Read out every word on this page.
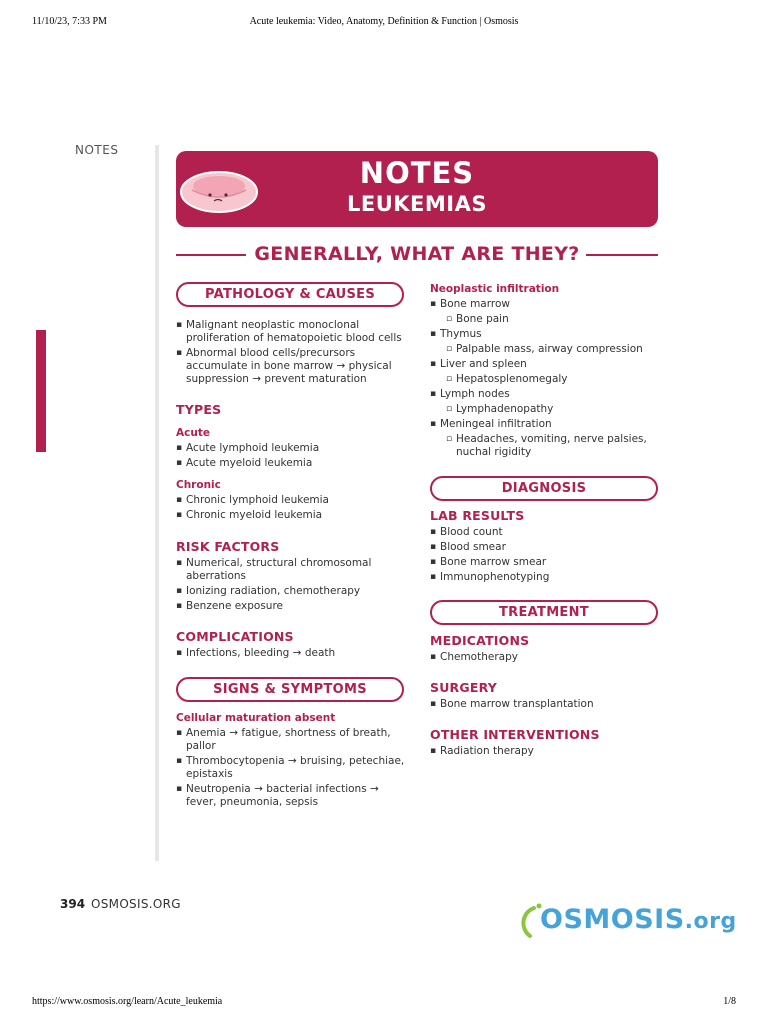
11/10/23, 7:33 PM	Acute leukemia: Video, Anatomy, Definition & Function | Osmosis
https://www.osmosis.org/learn/Acute_leukemia	1/8
NOTES
NOTES
LEUKEMIAS
GENERALLY, WHAT ARE THEY?
PATHOLOGY & CAUSES
▪ Malignant neoplastic monoclonal proliferation of hematopoietic blood cells
▪ Abnormal blood cells/precursors accumulate in bone marrow → physical suppression → prevent maturation
TYPES
Acute
▪ Acute lymphoid leukemia
▪ Acute myeloid leukemia
Chronic
▪ Chronic lymphoid leukemia
▪ Chronic myeloid leukemia
RISK FACTORS
▪ Numerical, structural chromosomal aberrations
▪ Ionizing radiation, chemotherapy
▪ Benzene exposure
COMPLICATIONS
▪ Infections, bleeding → death
SIGNS & SYMPTOMS
Cellular maturation absent
▪ Anemia → fatigue, shortness of breath, pallor
▪ Thrombocytopenia → bruising, petechiae, epistaxis
▪ Neutropenia → bacterial infections → fever, pneumonia, sepsis
Neoplastic infiltration
▪ Bone marrow
▫ Bone pain
▪ Thymus
▫ Palpable mass, airway compression
▪ Liver and spleen
▫ Hepatosplenomegaly
▪ Lymph nodes
▫ Lymphadenopathy
▪ Meningeal infiltration
▫ Headaches, vomiting, nerve palsies, nuchal rigidity
DIAGNOSIS
LAB RESULTS
▪ Blood count
▪ Blood smear
▪ Bone marrow smear
▪ Immunophenotyping
TREATMENT
MEDICATIONS
▪ Chemotherapy
SURGERY
▪ Bone marrow transplantation
OTHER INTERVENTIONS
▪ Radiation therapy
394 OSMOSIS.ORG	OSMOSIS.org
